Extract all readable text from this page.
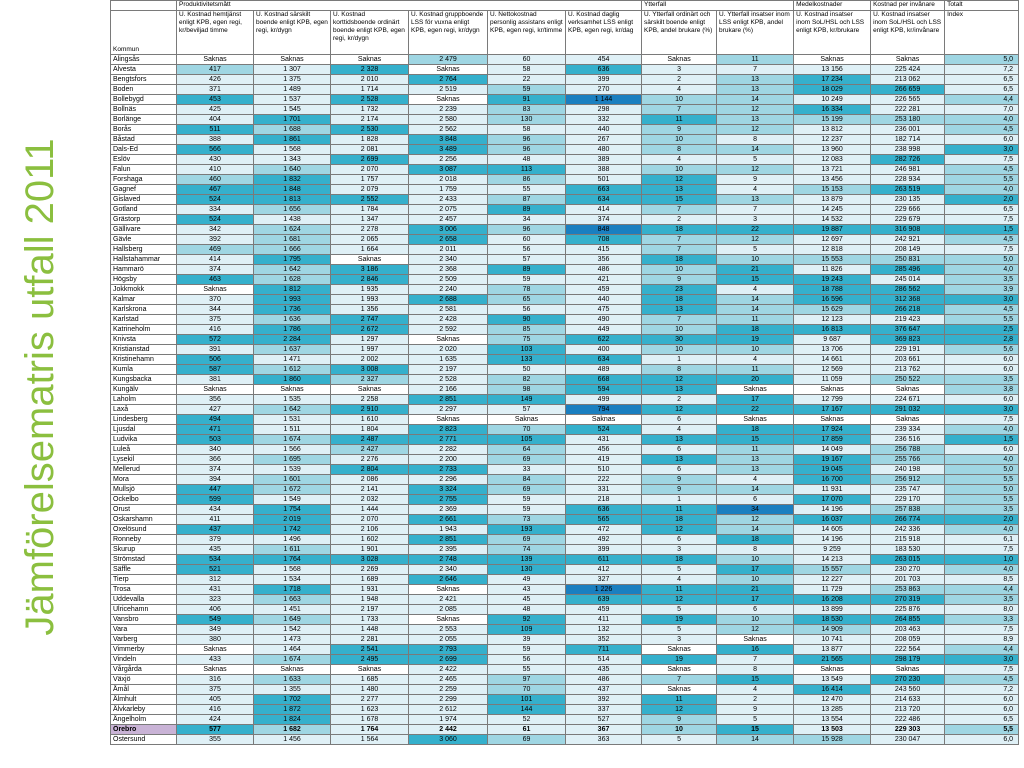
Jämförelsematris utfall 2011
	Produktivitetsmått						Ytterfall		Medelkostnader	Kostnad per invånare	Totalt
Kommun	U. Kostnad hemtjänst enligt KPB, egen regi, kr/beviljad timme	U. Kostnad särskilt boende enligt KPB, egen regi, kr/dygn	U. Kostnad korttidsboende ordinärt boende enligt KPB, egen regi, kr/dygn	U. Kostnad gruppboende LSS för vuxna enligt KPB, egen regi, kr/dygn	U. Nettokostnad personlig assistans enligt KPB, egen regi, kr/timme	U. Kostnad daglig verksamhet LSS enligt KPB, egen regi, kr/dag	U. Ytterfall ordinärt och särskilt boende enligt KPB, andel brukare (%)	U. Ytterfall insatser inom LSS enligt KPB, andel brukare (%)	U. Kostnad insatser inom SoL/HSL och LSS enligt KPB, kr/brukare	U. Kostnad insatser inom SoL/HSL och LSS enligt KPB, kr/invånare	Index
Alingsås	Saknas	Saknas	Saknas	2 479	60	454	Saknas	11	Saknas	Saknas	5,0
Alvesta	417	1 307	2 328	Saknas	58	636	3	7	13 156	225 424	7,2
Bengtsfors	426	1 375	2 010	2 764	22	399	2	13	17 234	213 062	6,5
Boden	371	1 489	1 714	2 519	59	270	4	13	18 029	266 659	6,5
Bollebygd	453	1 537	2 528	Saknas	91	1 144	10	14	10 249	226 565	4,4
Bollnäs	425	1 545	1 732	2 239	83	298	7	12	16 334	222 281	7,0
Borlänge	404	1 701	2 174	2 580	130	332	11	13	15 199	253 180	4,0
Borås	511	1 688	2 530	2 562	58	440	9	12	13 812	236 001	4,5
Båstad	388	1 861	1 828	3 848	96	267	10	8	12 237	182 714	6,0
Dals-Ed	566	1 568	2 081	3 489	96	480	8	14	13 960	238 998	3,0
Eslöv	430	1 343	2 699	2 256	48	389	4	5	12 083	282 726	7,5
Falun	410	1 640	2 070	3 087	113	388	10	12	13 721	246 981	4,5
Forshaga	460	1 832	1 757	2 018	86	501	12	9	13 456	228 934	5,5
Gagnef	467	1 848	2 079	1 759	55	663	13	4	15 153	263 519	4,0
Gislaved	524	1 813	2 552	2 433	87	634	15	13	13 879	230 135	2,0
Gotland	334	1 656	1 784	2 075	89	414	7	7	14 245	229 666	6,5
Grästorp	524	1 438	1 347	2 457	34	374	2	3	14 532	229 679	7,5
Gällivare	342	1 624	2 278	3 006	96	848	18	22	19 887	316 908	1,5
Gävle	392	1 681	2 065	2 658	60	708	7	12	12 697	242 921	4,5
Hallsberg	469	1 666	1 664	2 011	56	415	7	5	12 818	208 149	7,5
Hallstahammar	414	1 795	Saknas	2 340	57	356	18	10	15 553	250 831	5,0
Hammarö	374	1 642	3 186	2 368	89	486	10	21	11 826	285 496	4,0
Högsby	463	1 628	2 846	2 509	59	421	9	15	19 243	245 014	3,5
Jokkmokk	Saknas	1 812	1 935	2 240	78	459	23	4	18 788	286 562	3,9
Kalmar	370	1 993	1 993	2 688	65	440	18	14	16 596	312 368	3,0
Karlskrona	344	1 736	1 356	2 581	56	475	13	14	15 629	266 218	4,5
Karlstad	375	1 636	2 747	2 428	90	490	7	11	12 123	219 423	5,5
Katrineholm	416	1 786	2 672	2 592	85	449	10	18	16 813	376 647	2,5
Knivsta	572	2 284	1 297	Saknas	75	622	30	19	9 687	369 823	2,8
Kristianstad	391	1 637	1 997	2 020	103	400	10	10	13 706	229 191	5,6
Kristinehamn	506	1 471	2 002	1 635	133	634	1	4	14 661	203 661	6,0
Kumla	587	1 612	3 008	2 197	50	489	8	11	12 569	213 762	6,0
Kungsbacka	381	1 860	2 327	2 528	82	668	12	20	11 059	250 522	3,5
Kungälv	Saknas	Saknas	Saknas	2 166	98	594	13	Saknas	Saknas	Saknas	3,8
Laholm	356	1 535	2 258	2 851	149	499	2	17	12 799	224 671	6,0
Laxå	427	1 642	2 910	2 297	57	794	12	22	17 167	291 032	3,0
Lindesberg	494	1 531	1 610	Saknas	Saknas	Saknas	6	Saknas	Saknas	Saknas	7,5
Ljusdal	471	1 511	1 804	2 823	70	524	4	18	17 924	239 334	4,0
Ludvika	503	1 674	2 487	2 771	105	431	13	15	17 859	236 516	1,5
Luleå	340	1 566	2 427	2 282	64	456	6	11	14 049	256 788	6,0
Lysekil	366	1 695	2 276	2 200	69	419	13	13	19 167	255 766	4,0
Mellerud	374	1 539	2 804	2 733	33	510	6	13	19 045	240 198	5,0
Mora	394	1 601	2 086	2 296	84	222	9	4	16 700	256 912	5,5
Mullsjö	447	1 672	2 141	3 324	69	331	9	14	11 931	235 747	5,0
Ockelbo	599	1 549	2 032	2 755	59	218	1	6	17 070	229 170	5,5
Orust	434	1 754	1 444	2 369	59	636	11	34	14 196	257 838	3,5
Oskarshamn	411	2 019	2 070	2 661	73	565	18	12	16 037	266 774	2,0
Oxelösund	437	1 742	2 106	1 943	193	472	12	14	14 605	242 336	4,0
Ronneby	379	1 496	1 602	2 851	69	492	6	18	14 196	215 918	6,1
Skurup	435	1 611	1 901	2 395	74	399	3	8	9 259	183 530	7,5
Strömstad	534	1 764	3 028	2 748	139	611	18	10	14 213	263 015	1,0
Säffle	521	1 568	2 269	2 340	130	412	5	17	15 557	230 270	4,0
Tierp	312	1 534	1 689	2 646	49	327	4	10	12 227	201 703	8,5
Trosa	431	1 718	1 931	Saknas	43	1 226	11	21	11 729	253 863	4,4
Uddevalla	323	1 663	1 948	2 421	45	639	12	17	16 208	270 319	3,5
Ulricehamn	406	1 451	2 197	2 085	48	459	5	6	13 899	225 876	8,0
Vansbro	549	1 649	1 733	Saknas	92	411	19	10	18 530	264 855	3,3
Vara	349	1 542	1 448	2 553	109	132	5	12	14 909	203 463	7,5
Varberg	380	1 473	2 281	2 055	39	352	3	Saknas	10 741	208 059	8,9
Vimmerby	Saknas	1 464	2 541	2 793	59	711	Saknas	16	13 877	222 564	4,4
Vindeln	433	1 674	2 495	2 699	56	514	19	7	21 565	298 179	3,0
Vårgårda	Saknas	Saknas	Saknas	2 422	55	435	Saknas	8	Saknas	Saknas	7,5
Växjö	316	1 633	1 685	2 465	97	486	7	15	13 549	270 230	4,5
Åmål	375	1 355	1 480	2 259	70	437	Saknas	4	16 414	243 560	7,2
Älmhult	405	1 702	2 277	2 299	101	392	11	2	12 470	214 633	6,0
Älvkarleby	416	1 872	1 623	2 612	144	337	12	9	13 285	213 720	6,0
Ängelholm	424	1 824	1 678	1 974	52	527	9	5	13 554	222 486	6,5
Örebro	577	1 682	1 764	2 442	61	367	10	15	13 503	229 303	5,5
Östersund	355	1 456	1 564	3 060	69	363	5	14	15 928	230 047	6,0
